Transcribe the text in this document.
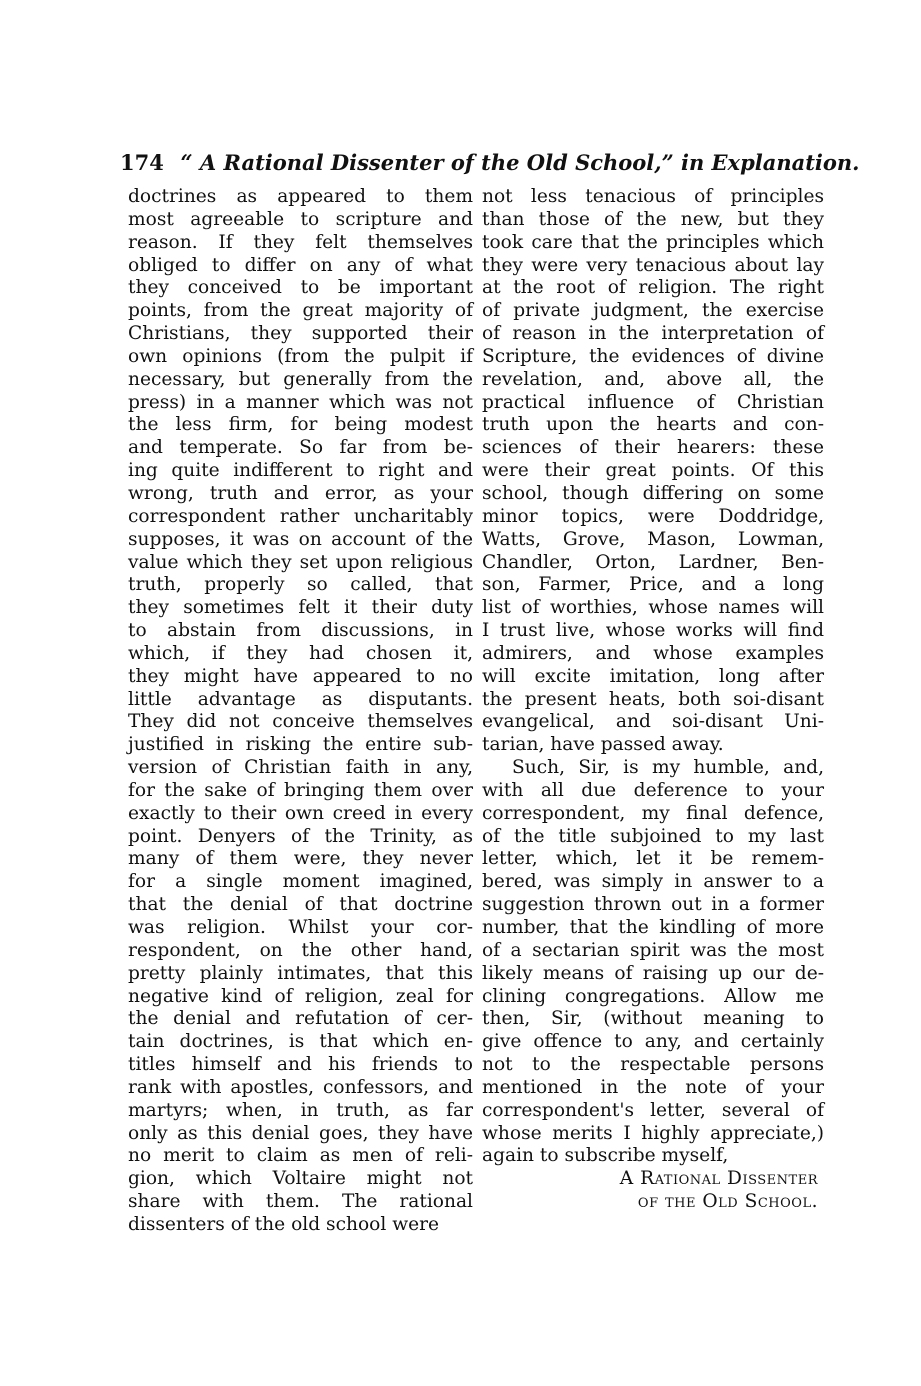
174 “ A Rational Dissenter of the Old School,” in Explanation.
doctrines as appeared to them
most agreeable to scripture and
reason. If they felt themselves
obliged to differ on any of what
they conceived to be important
points, from the great majority of
Christians, they supported their
own opinions (from the pulpit if
necessary, but generally from the
press) in a manner which was not
the less firm, for being modest
and temperate. So far from be-
ing quite indifferent to right and
wrong, truth and error, as your
correspondent rather uncharitably
supposes, it was on account of the
value which they set upon religious
truth, properly so called, that
they sometimes felt it their duty
to abstain from discussions, in
which, if they had chosen it,
they might have appeared to no
little advantage as disputants.
They did not conceive themselves
justified in risking the entire sub-
version of Christian faith in any,
for the sake of bringing them over
exactly to their own creed in every
point. Denyers of the Trinity, as
many of them were, they never
for a single moment imagined,
that the denial of that doctrine
was religion. Whilst your cor-
respondent, on the other hand,
pretty plainly intimates, that this
negative kind of religion, zeal for
the denial and refutation of cer-
tain doctrines, is that which en-
titles himself and his friends to
rank with apostles, confessors, and
martyrs; when, in truth, as far
only as this denial goes, they have
no merit to claim as men of reli-
gion, which Voltaire might not
share with them. The rational
dissenters of the old school were
not less tenacious of principles
than those of the new, but they
took care that the principles which
they were very tenacious about lay
at the root of religion. The right
of private judgment, the exercise
of reason in the interpretation of
Scripture, the evidences of divine
revelation, and, above all, the
practical influence of Christian
truth upon the hearts and con-
sciences of their hearers: these
were their great points. Of this
school, though differing on some
minor topics, were Doddridge,
Watts, Grove, Mason, Lowman,
Chandler, Orton, Lardner, Ben-
son, Farmer, Price, and a long
list of worthies, whose names will
I trust live, whose works will find
admirers, and whose examples
will excite imitation, long after
the present heats, both soi-disant
evangelical, and soi-disant Uni-
tarian, have passed away.
Such, Sir, is my humble, and,
with all due deference to your
correspondent, my final defence,
of the title subjoined to my last
letter, which, let it be remem-
bered, was simply in answer to a
suggestion thrown out in a former
number, that the kindling of more
of a sectarian spirit was the most
likely means of raising up our de-
clining congregations. Allow me
then, Sir, (without meaning to
give offence to any, and certainly
not to the respectable persons
mentioned in the note of your
correspondent's letter, several of
whose merits I highly appreciate,)
again to subscribe myself,
A Rational Dissenter
of the Old School.
